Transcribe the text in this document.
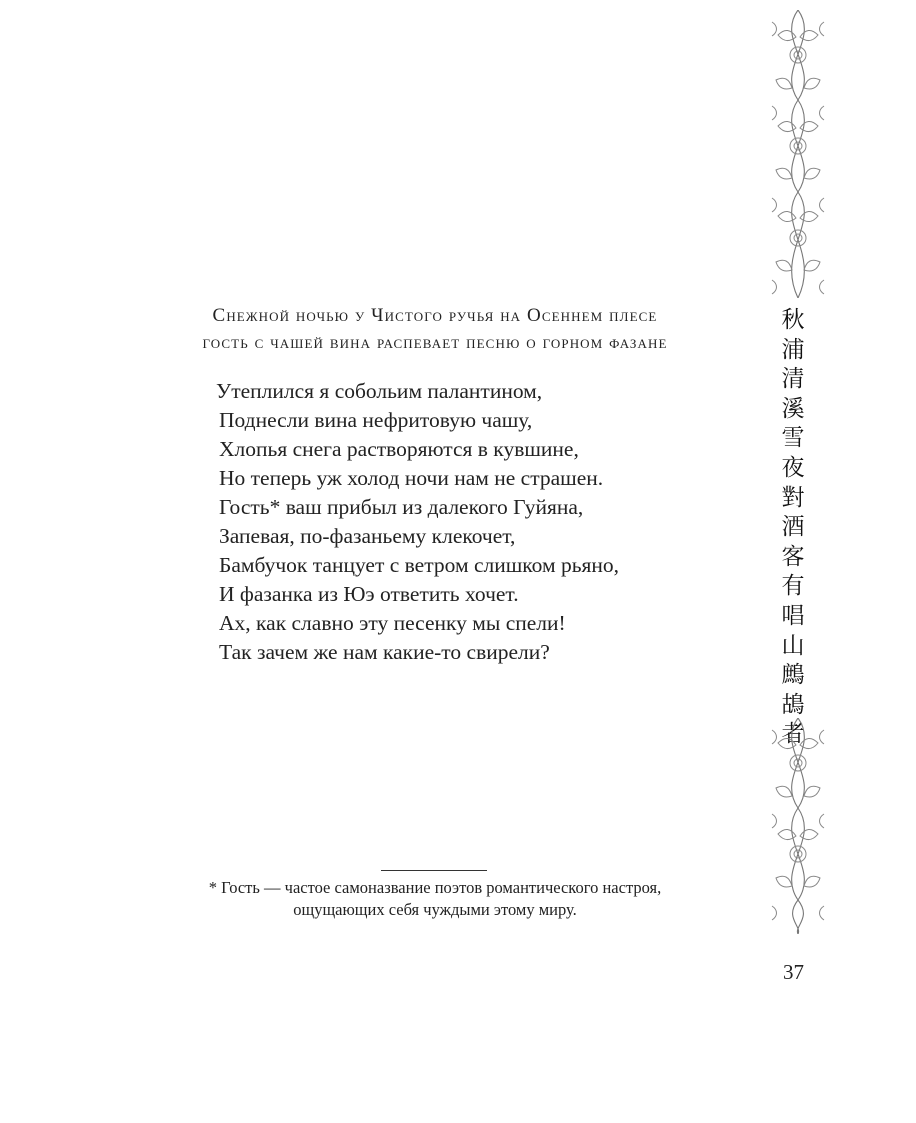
Снежной ночью у Чистого ручья на Осеннем плесе
гость с чашей вина распевает песню о горном фазане
Утеплился я собольим палантином,
Поднесли вина нефритовую чашу,
Хлопья снега растворяются в кувшине,
Но теперь уж холод ночи нам не страшен.
Гость* ваш прибыл из далекого Гуйяна,
Запевая, по-фазаньему клекочет,
Бамбучок танцует с ветром слишком рьяно,
И фазанка из Юэ ответить хочет.
Ах, как славно эту песенку мы спели!
Так зачем же нам какие-то свирели?
* Гость — частое самоназвание поэтов романтического настроя,
ощущающих себя чуждыми этому миру.
秋
浦
清
溪
雪
夜
對
酒
客
有
唱
山
鷓
鴣
者
37
